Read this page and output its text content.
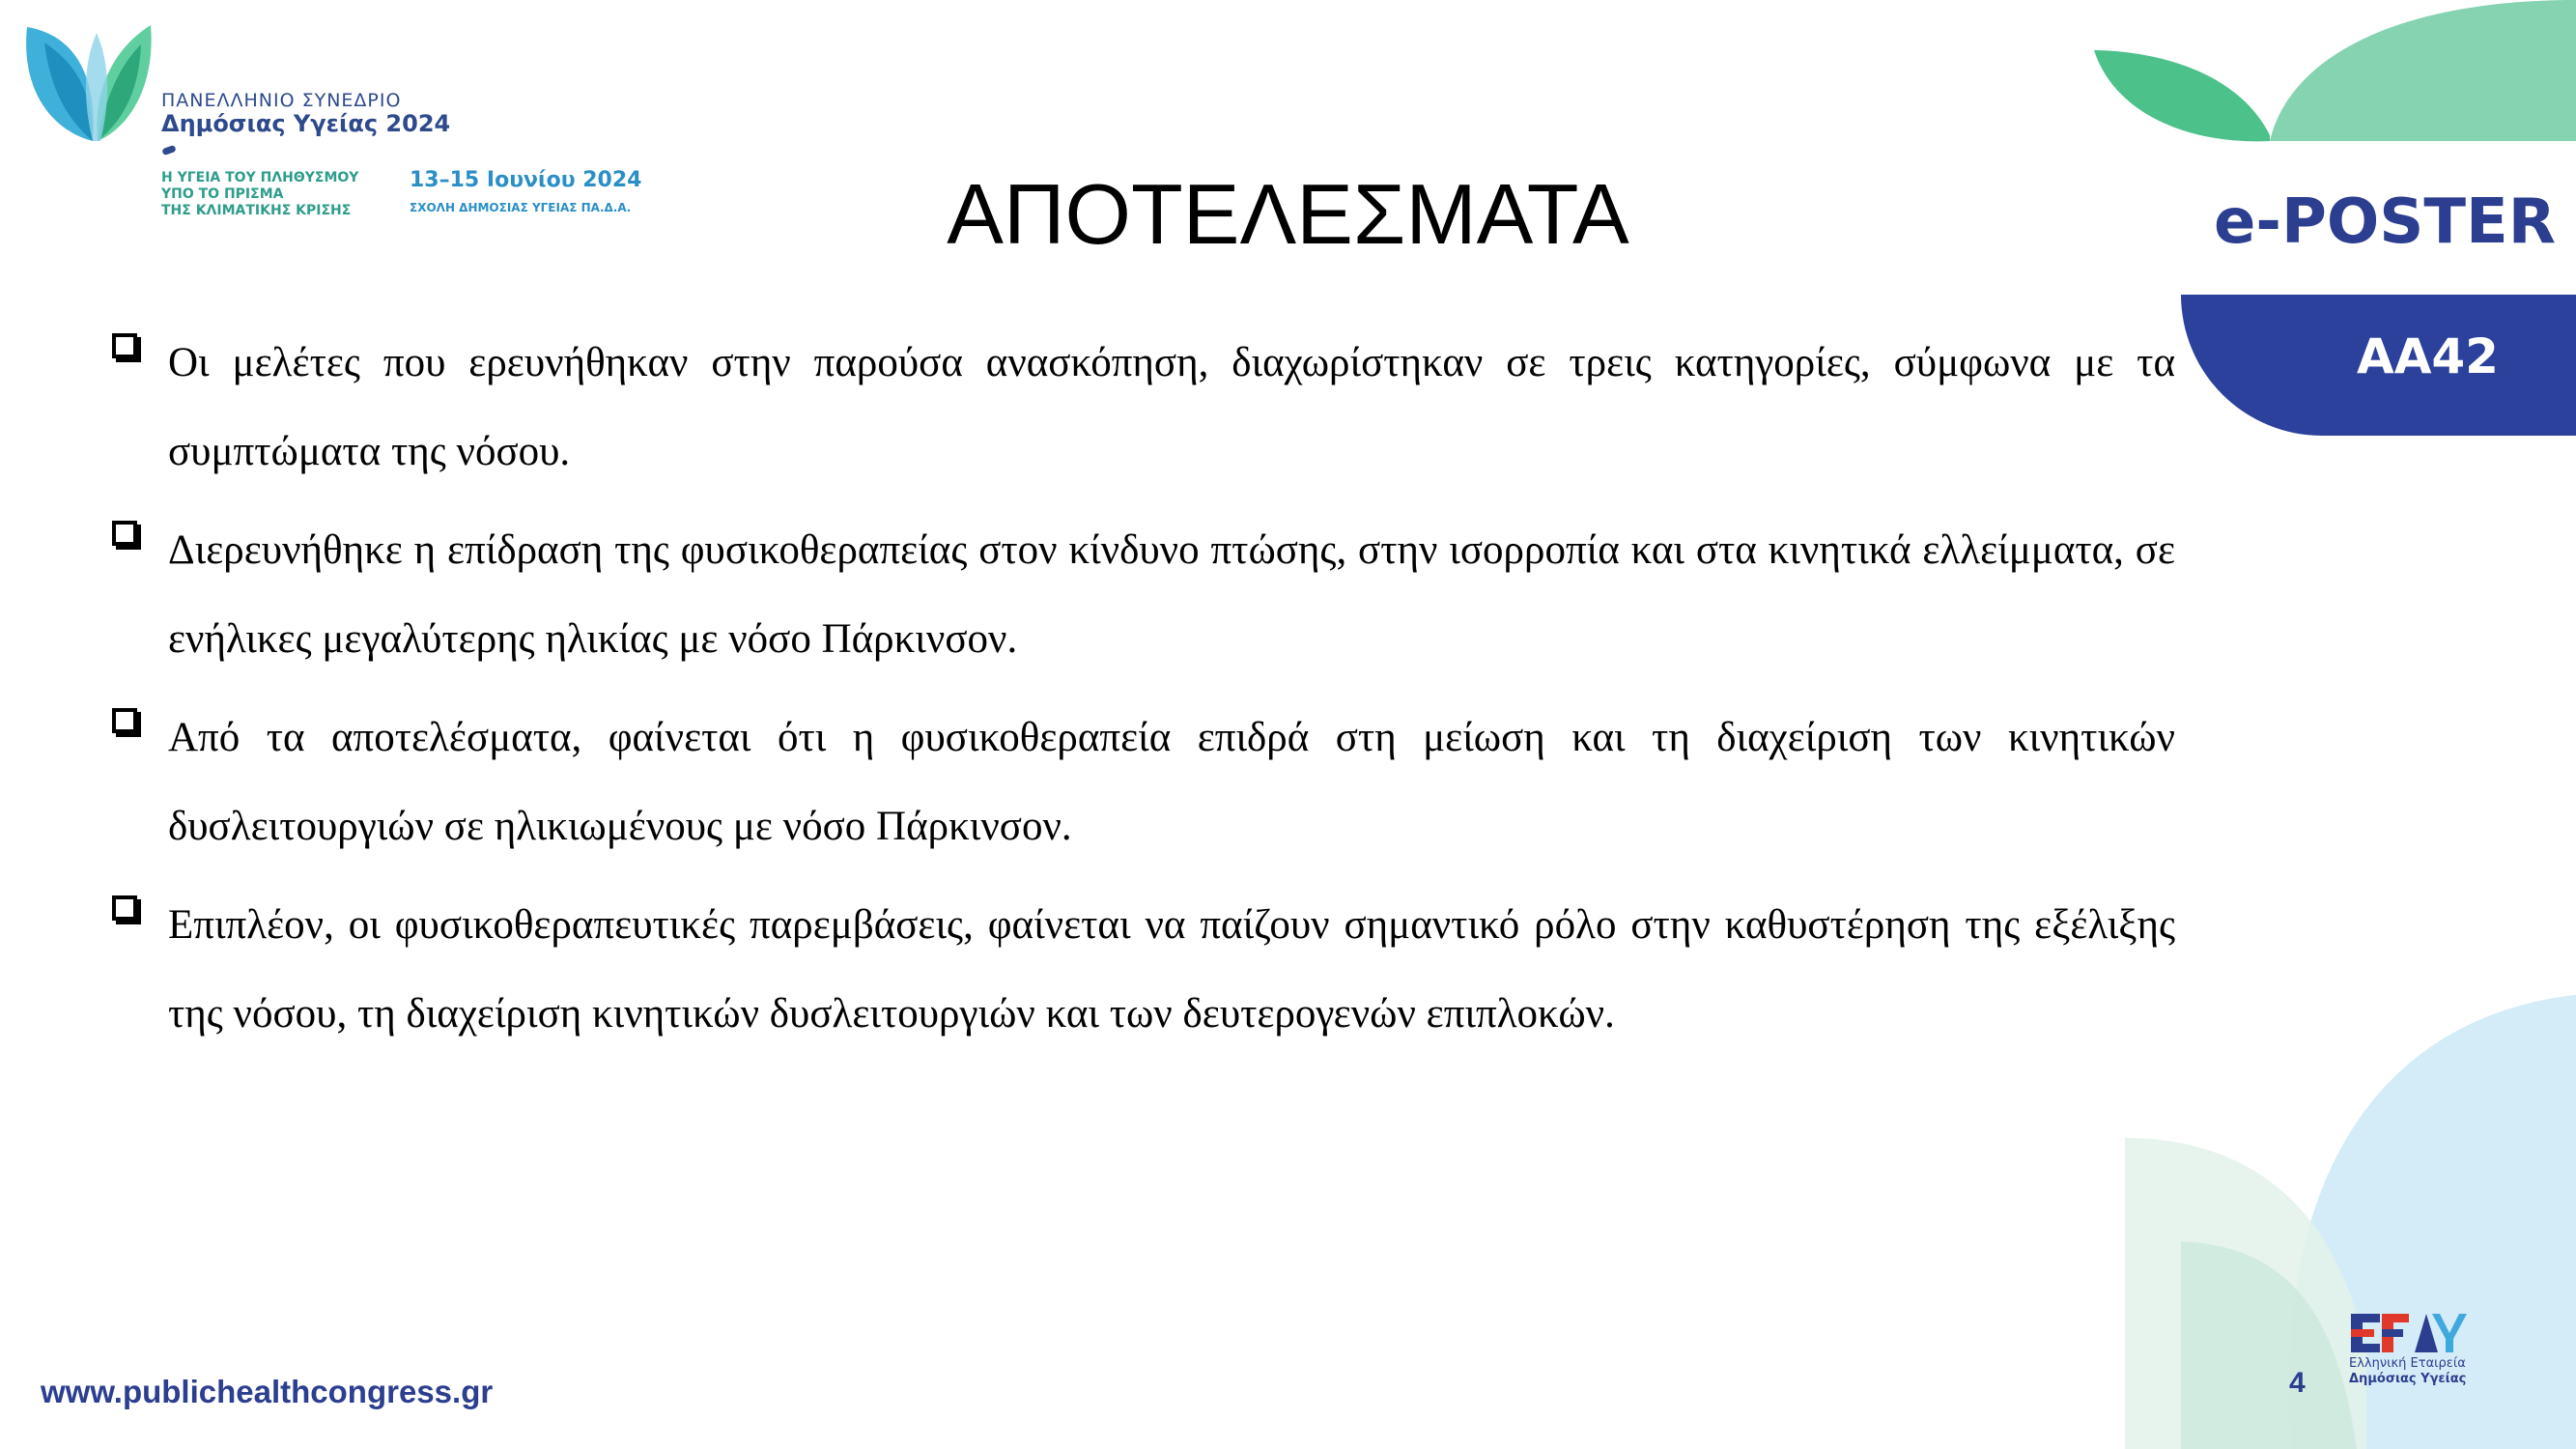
ΠΑΝΕΛΛΗΝΙΟ ΣΥΝΕΔΡΙΟ
Δημόσιας Υγείας 2024
Η ΥΓΕΙΑ ΤΟΥ ΠΛΗΘΥΣΜΟΥ
ΥΠΟ ΤΟ ΠΡΙΣΜΑ
ΤΗΣ ΚΛΙΜΑΤΙΚΗΣ ΚΡΙΣΗΣ
13–15 Ιουνίου 2024
ΣΧΟΛΗ ΔΗΜΟΣΙΑΣ ΥΓΕΙΑΣ ΠΑ.Δ.Α.	ΑΠΟΤΕΛΕΣΜΑΤΑ	e-POSTER
ΑΑ42
Οι μελέτες που ερευνήθηκαν στην παρούσα ανασκόπηση, διαχωρίστηκαν σε τρεις κατηγορίες, σύμφωνα με τα συμπτώματα της νόσου.
Διερευνήθηκε η επίδραση της φυσικοθεραπείας στον κίνδυνο πτώσης, στην ισορροπία και στα κινητικά ελλείμματα, σε ενήλικες μεγαλύτερης ηλικίας με νόσο Πάρκινσον.
Από τα αποτελέσματα, φαίνεται ότι η φυσικοθεραπεία επιδρά στη μείωση και τη διαχείριση των κινητικών δυσλειτουργιών σε ηλικιωμένους με νόσο Πάρκινσον.
Επιπλέον, οι φυσικοθεραπευτικές παρεμβάσεις, φαίνεται να παίζουν σημαντικό ρόλο στην καθυστέρηση της εξέλιξης της νόσου, τη διαχείριση κινητικών δυσλειτουργιών και των δευτερογενών επιπλοκών.
www.publichealthcongress.gr	4
Ελληνική Εταιρεία
Δημόσιας Υγείας
